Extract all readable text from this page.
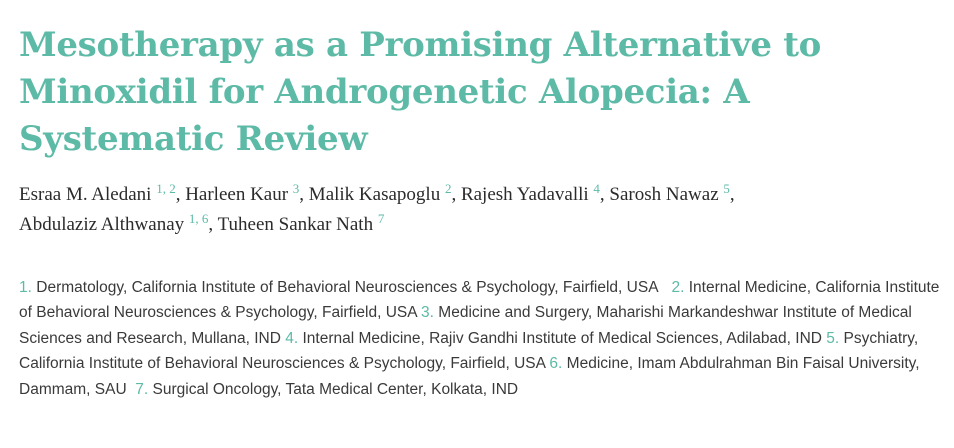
Mesotherapy as a Promising Alternative to Minoxidil for Androgenetic Alopecia: A Systematic Review
Esraa M. Aledani $^{1, 2}$, Harleen Kaur $^3$, Malik Kasapoglu $^2$, Rajesh Yadavalli $^4$, Sarosh Nawaz $^5$,
Abdulaziz Althwanay $^{1, 6}$, Tuheen Sankar Nath $^7$
1. Dermatology, California Institute of Behavioral Neurosciences & Psychology, Fairfield, USA 2. Internal Medicine, California Institute of Behavioral Neurosciences & Psychology, Fairfield, USA 3. Medicine and Surgery, Maharishi Markandeshwar Institute of Medical Sciences and Research, Mullana, IND 4. Internal Medicine, Rajiv Gandhi Institute of Medical Sciences, Adilabad, IND 5. Psychiatry, California Institute of Behavioral Neurosciences & Psychology, Fairfield, USA 6. Medicine, Imam Abdulrahman Bin Faisal University, Dammam, SAU 7. Surgical Oncology, Tata Medical Center, Kolkata, IND
